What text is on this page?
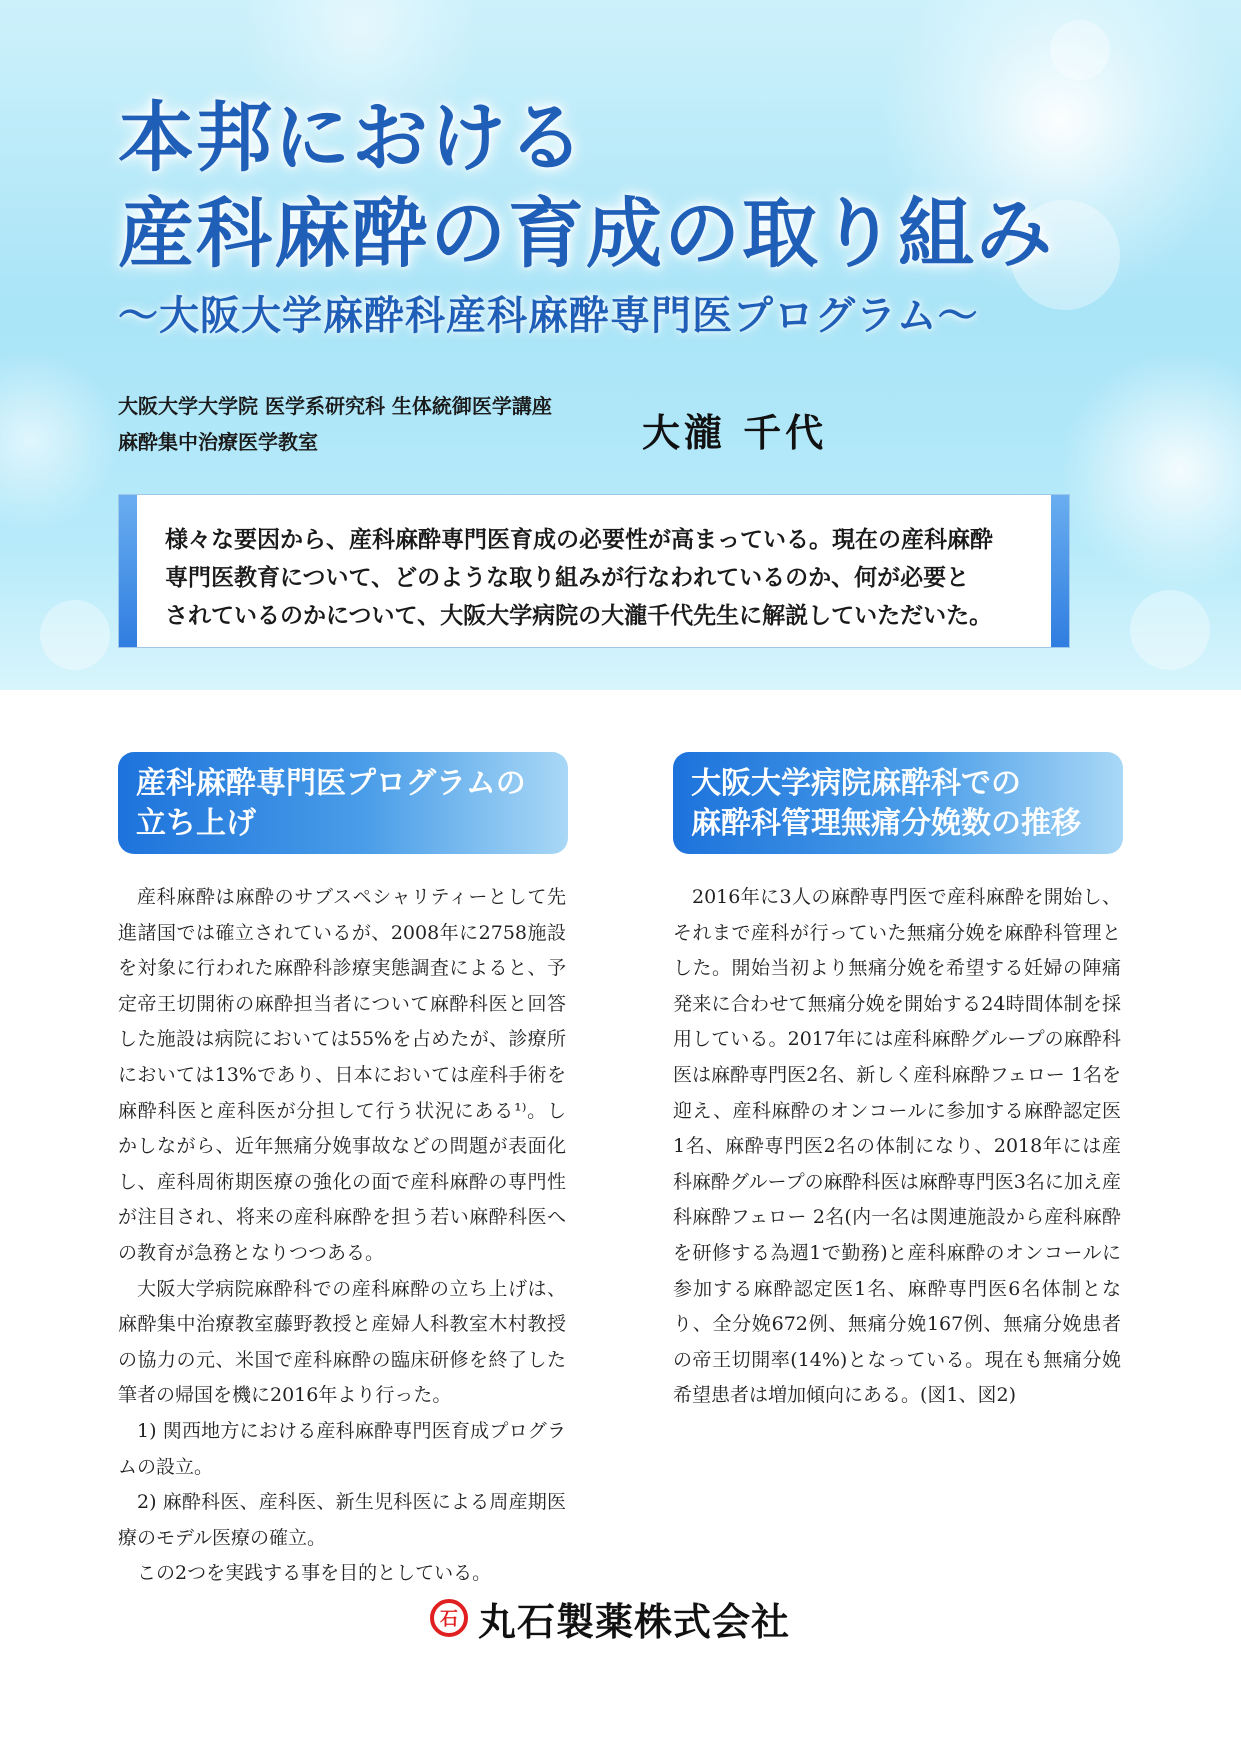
本邦における
産科麻酔の育成の取り組み
～大阪大学麻酔科産科麻酔専門医プログラム～
大阪大学大学院 医学系研究科 生体統御医学講座
麻酔集中治療医学教室	大瀧 千代

様々な要因から、産科麻酔専門医育成の必要性が高まっている。現在の産科麻酔
専門医教育について、どのような取り組みが行なわれているのか、何が必要と
されているのかについて、大阪大学病院の大瀧千代先生に解説していただいた。

産科麻酔専門医プログラムの
立ち上げ
大阪大学病院麻酔科での
麻酔科管理無痛分娩数の推移

産科麻酔は麻酔のサブスペシャリティーとして先進諸国では確立されているが、2008年に2758施設を対象に行われた麻酔科診療実態調査によると、予定帝王切開術の麻酔担当者について麻酔科医と回答した施設は病院においては55%を占めたが、診療所においては13%であり、日本においては産科手術を麻酔科医と産科医が分担して行う状況にある¹⁾。しかしながら、近年無痛分娩事故などの問題が表面化し、産科周術期医療の強化の面で産科麻酔の専門性が注目され、将来の産科麻酔を担う若い麻酔科医への教育が急務となりつつある。

大阪大学病院麻酔科での産科麻酔の立ち上げは、麻酔集中治療教室藤野教授と産婦人科教室木村教授の協力の元、米国で産科麻酔の臨床研修を終了した筆者の帰国を機に2016年より行った。

1) 関西地方における産科麻酔専門医育成プログラムの設立。

2) 麻酔科医、産科医、新生児科医による周産期医療のモデル医療の確立。

この2つを実践する事を目的としている。

2016年に3人の麻酔専門医で産科麻酔を開始し、それまで産科が行っていた無痛分娩を麻酔科管理とした。開始当初より無痛分娩を希望する妊婦の陣痛発来に合わせて無痛分娩を開始する24時間体制を採用している。2017年には産科麻酔グループの麻酔科医は麻酔専門医2名、新しく産科麻酔フェロー 1名を迎え、産科麻酔のオンコールに参加する麻酔認定医1名、麻酔専門医2名の体制になり、2018年には産科麻酔グループの麻酔科医は麻酔専門医3名に加え産科麻酔フェロー 2名(内一名は関連施設から産科麻酔を研修する為週1で勤務)と産科麻酔のオンコールに参加する麻酔認定医1名、麻酔専門医6名体制となり、全分娩672例、無痛分娩167例、無痛分娩患者の帝王切開率(14%)となっている。現在も無痛分娩希望患者は増加傾向にある。(図1、図2)

石 丸石製薬株式会社
